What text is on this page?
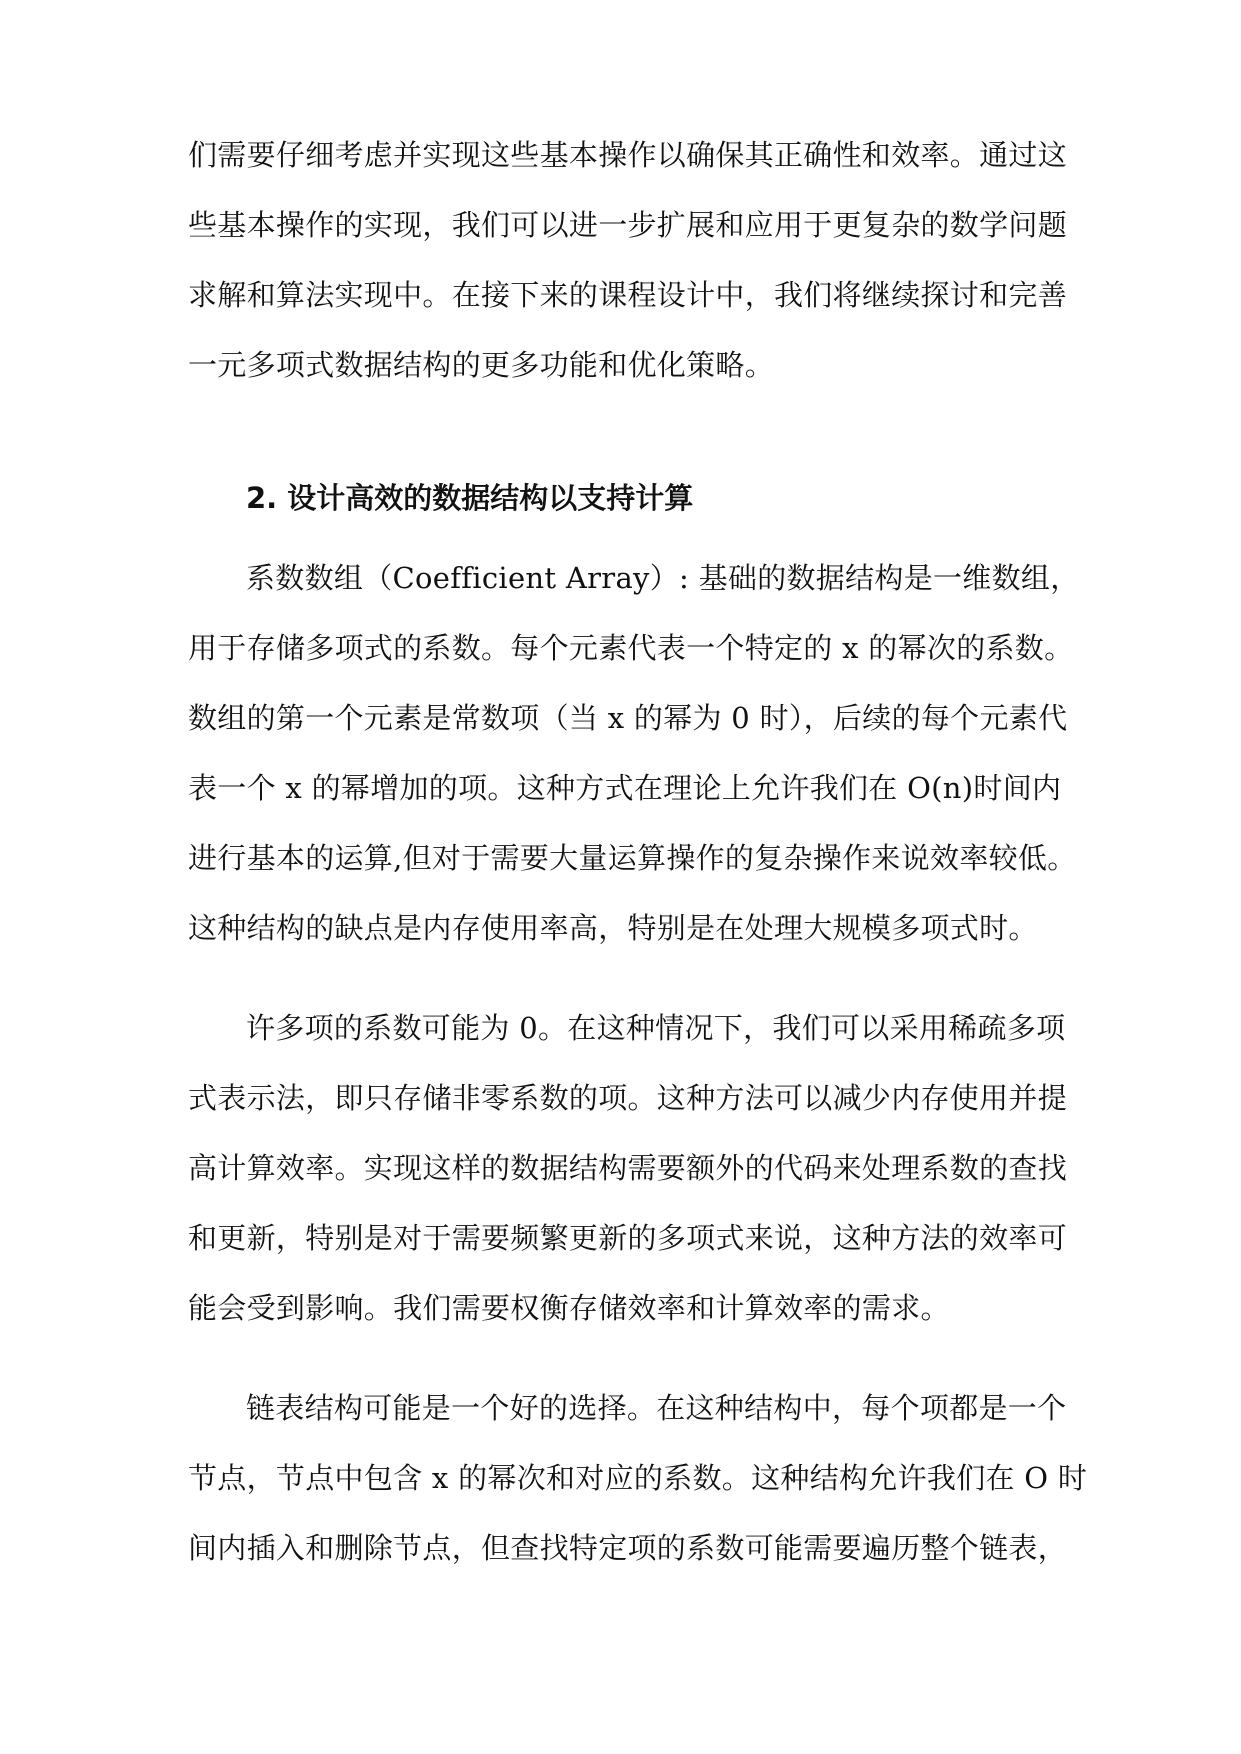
们需要仔细考虑并实现这些基本操作以确保其正确性和效率。通过这
些基本操作的实现，我们可以进一步扩展和应用于更复杂的数学问题
求解和算法实现中。在接下来的课程设计中，我们将继续探讨和完善
一元多项式数据结构的更多功能和优化策略。
2. 设计高效的数据结构以支持计算
系数数组（Coefficient Array）: 基础的数据结构是一维数组，
用于存储多项式的系数。每个元素代表一个特定的 x 的幂次的系数。
数组的第一个元素是常数项（当 x 的幂为 0 时），后续的每个元素代
表一个 x 的幂增加的项。这种方式在理论上允许我们在 O(n)时间内
进行基本的运算,但对于需要大量运算操作的复杂操作来说效率较低。
这种结构的缺点是内存使用率高，特别是在处理大规模多项式时。
许多项的系数可能为 0。在这种情况下，我们可以采用稀疏多项
式表示法，即只存储非零系数的项。这种方法可以减少内存使用并提
高计算效率。实现这样的数据结构需要额外的代码来处理系数的查找
和更新，特别是对于需要频繁更新的多项式来说，这种方法的效率可
能会受到影响。我们需要权衡存储效率和计算效率的需求。
链表结构可能是一个好的选择。在这种结构中，每个项都是一个
节点，节点中包含 x 的幂次和对应的系数。这种结构允许我们在 O 时
间内插入和删除节点，但查找特定项的系数可能需要遍历整个链表，
